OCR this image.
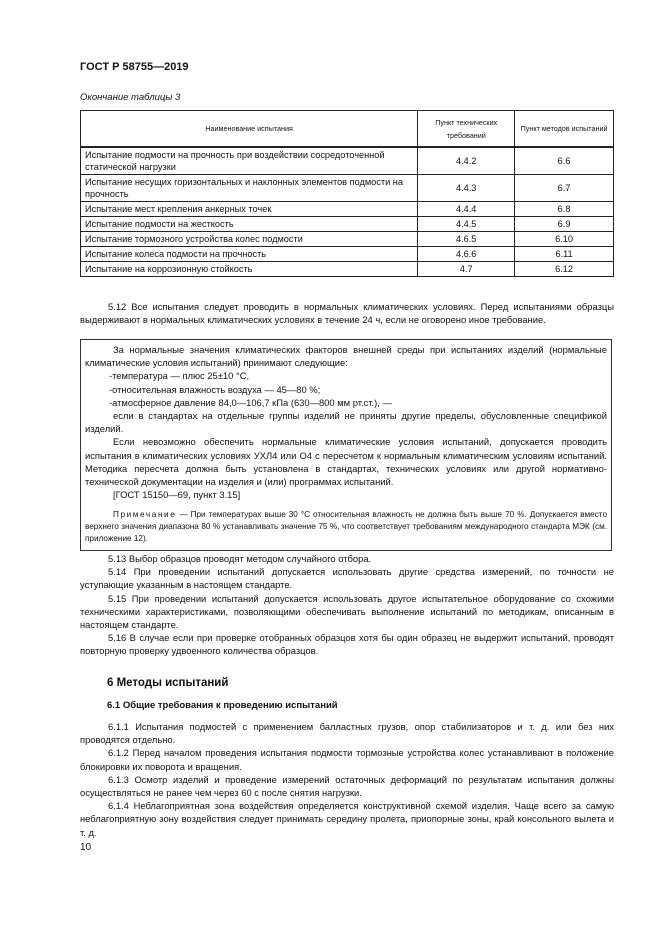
ГОСТ Р 58755—2019
Окончание таблицы 3
Наименование испытания	Пункт технических требований	Пункт методов испытаний
Испытание подмости на прочность при воздействии сосредоточенной статической нагрузки	4.4.2	6.6
Испытание несущих горизонтальных и наклонных элементов подмости на прочность	4.4.3	6.7
Испытание мест крепления анкерных точек	4.4.4	6.8
Испытание подмости на жесткость	4.4.5	6.9
Испытание тормозного устройства колес подмости	4.6.5	6.10
Испытание колеса подмости на прочность	4.6.6	6.11
Испытание на коррозионную стойкость	4.7	6.12

5.12 Все испытания следует проводить в нормальных климатических условиях. Перед испытаниями образцы выдерживают в нормальных климатических условиях в течение 24 ч, если не оговорено иное требование.

За нормальные значения климатических факторов внешней среды при испытаниях изделий (нормальные климатические условия испытаний) принимают следующие:

-температура — плюс 25±10 °С,

-относительная влажность воздуха — 45—80 %;

-атмосферное давление 84,0—106,7 кПа (630—800 мм рт.ст.), —

если в стандартах на отдельные группы изделий не приняты другие пределы, обусловленные спецификой изделий.

Если невозможно обеспечить нормальные климатические условия испытаний, допускается проводить испытания в климатических условиях УХЛ4 или О4 с пересчетом к нормальным климатическим условиям испытаний. Методика пересчета должна быть установлена в стандартах, технических условиях или другой нормативно-технической документации на изделия и (или) программах испытаний.

[ГОСТ 15150—69, пункт 3.15]

Примечание — При температурах выше 30 °С относительная влажность не должна быть выше 70 %. Допускается вместо верхнего значения диапазона 80 % устанавливать значение 75 %, что соответствует требованиям международного стандарта МЭК (см. приложение 12).

5.13 Выбор образцов проводят методом случайного отбора.

5.14 При проведении испытаний допускается использовать другие средства измерений, по точности не уступающие указанным в настоящем стандарте.

5.15 При проведении испытаний допускается использовать другое испытательное оборудование со схожими техническими характеристиками, позволяющими обеспечивать выполнение испытаний по методикам, описанным в настоящем стандарте.

5.16 В случае если при проверке отобранных образцов хотя бы один образец не выдержит испытаний, проводят повторную проверку удвоенного количества образцов.

6 Методы испытаний
6.1 Общие требования к проведению испытаний

6.1.1 Испытания подмостей с применением балластных грузов, опор стабилизаторов и т. д. или без них проводятся отдельно.

6.1.2 Перед началом проведения испытания подмости тормозные устройства колес устанавливают в положение блокировки их поворота и вращения.

6.1.3 Осмотр изделий и проведение измерений остаточных деформаций по результатам испытания должны осуществляться не ранее чем через 60 с после снятия нагрузки.

6.1.4 Неблагоприятная зона воздействия определяется конструктивной схемой изделия. Чаще всего за самую неблагоприятную зону воздействия следует принимать середину пролета, приопорные зоны, край консольного вылета и т. д.

10
